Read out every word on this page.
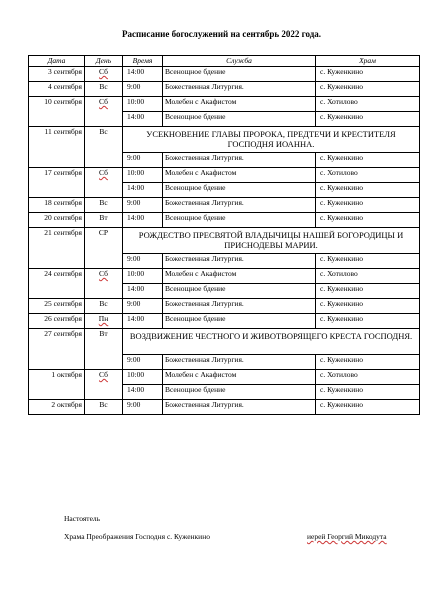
Расписание богослужений на сентябрь 2022 года.
Дата	День	Время	Служба	Храм
3 сентября	Сб	14:00	Всенощное бдение	с. Куженкино
4 сентября	Вс	9:00	Божественная Литургия.	с. Куженкино
10 сентября	Сб	10:00	Молебен с Акафистом	с. Хотилово
		14:00	Всенощное бдение	с. Куженкино
11 сентября	Вс	УСЕКНОВЕНИЕ ГЛАВЫ ПРОРОКА, ПРЕДТЕЧИ И КРЕСТИТЕЛЯ ГОСПОДНЯ ИОАННА.		
		9:00	Божественная Литургия.	с. Куженкино
17 сентября	Сб	10:00	Молебен с Акафистом	с. Хотилово
		14:00	Всенощное бдение	с. Куженкино
18 сентября	Вс	9:00	Божественная Литургия.	с. Куженкино
20 сентября	Вт	14:00	Всенощное бдение	с. Куженкино
21 сентября	СР	РОЖДЕСТВО ПРЕСВЯТОЙ ВЛАДЫЧИЦЫ НАШЕЙ БОГОРОДИЦЫ И ПРИСНОДЕВЫ МАРИИ.		
		9:00	Божественная Литургия.	с. Куженкино
24 сентября	Сб	10:00	Молебен с Акафистом	с. Хотилово
		14:00	Всенощное бдение	с. Куженкино
25 сентября	Вс	9:00	Божественная Литургия.	с. Куженкино
26 сентября	Пн	14:00	Всенощное бдение	с. Куженкино
27 сентября	Вт	ВОЗДВИЖЕНИЕ ЧЕСТНОГО И ЖИВОТВОРЯЩЕГО КРЕСТА ГОСПОДНЯ.		
		9:00	Божественная Литургия.	с. Куженкино
1 октября	Сб	10:00	Молебен с Акафистом	с. Хотилово
		14:00	Всенощное бдение	с. Куженкино
2 октября	Вс	9:00	Божественная Литургия.	с. Куженкино
Настоятель
Храма Преображения Господня с. Куженкино	иерей Георгий Микодута
